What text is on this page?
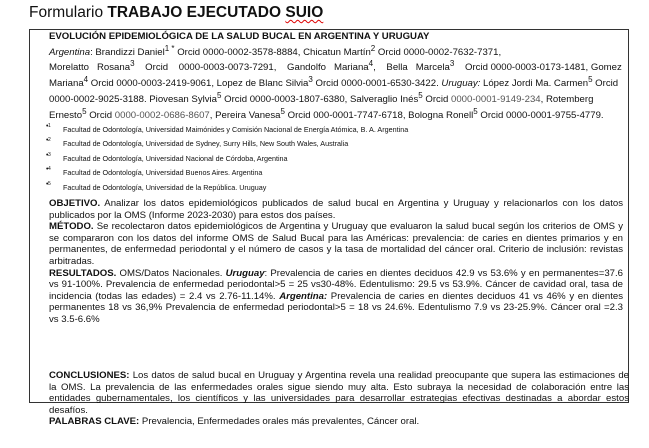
Formulario TRABAJO EJECUTADO SUIO

EVOLUCIÓN EPIDEMIOLÓGICA DE LA SALUD BUCAL EN ARGENTINA Y URUGUAY

Argentina: Brandizzi Daniel$^{1 *}$ Orcid 0000-0002-3578-8884, Chicatun Martín$^2$ Orcid 0000-0002-7632-7371, Morelatto   Rosana$^3$    Orcid    0000-0003-0073-7291,    Gandolfo   Mariana$^4$,    Bella   Marcela$^3$    Orcid 0000-0003-0173-1481, Gomez Mariana$^4$ Orcid 0000-0003-2419-9061, Lopez de Blanc Silvia$^3$ Orcid 0000-0001-6530-3422. Uruguay: López Jordi Ma. Carmen$^5$ Orcid 0000-0002-9025-3188. Piovesan Sylvia$^5$ Orcid 0000-0003-1807-6380, Salveraglio Inés$^5$ Orcid 0000-0001-9149-234, Rotemberg Ernesto$^5$ Orcid 0000-0002-0686-8607, Pereira Vanesa$^5$ Orcid 000-0001-7747-6718, Bologna Ronell$^5$ Orcid 0000-0001-9755-4779.

• 1 Facultad de Odontología, Universidad Maimónides y Comisión Nacional de Energía Atómica, B. A. Argentina
• 2 Facultad de Odontología, Universidad de Sydney, Surry Hills, New South Wales, Australia
• 3 Facultad de Odontología, Universidad Nacional de Córdoba, Argentina
• 4 Facultad de Odontología, Universidad Buenos Aires. Argentina
• 5 Facultad de Odontología, Universidad de la República. Uruguay

OBJETIVO. Analizar los datos epidemiológicos publicados de salud bucal en Argentina y Uruguay y relacionarlos con los datos publicados por la OMS (Informe 2023-2030) para estos dos países.

MÉTODO. Se recolectaron datos epidemiológicos de Argentina y Uruguay que evaluaron la salud bucal según los criterios de OMS y se compararon con los datos del informe OMS de Salud Bucal para las Américas: prevalencia: de caries en dientes primarios y en permanentes, de enfermedad periodontal y el número de casos y la tasa de mortalidad del cáncer oral. Criterio de inclusión: revistas arbitradas.

RESULTADOS. OMS/Datos Nacionales. Uruguay: Prevalencia de caries en dientes deciduos 42.9 vs 53.6% y en permanentes=37.6 vs 91-100%. Prevalencia de enfermedad periodontal>5 = 25 vs30-48%. Edentulismo: 29.5 vs 53.9%. Cáncer de cavidad oral, tasa de incidencia (todas las edades) = 2.4 vs 2.76-11.14%. Argentina: Prevalencia de caries en dientes deciduos 41 vs 46% y en dientes permanentes 18 vs 36,9% Prevalencia de enfermedad periodontal>5 = 18 vs 24.6%. Edentulismo 7.9 vs 23-25.9%. Cáncer oral =2.3 vs 3.5-6.6%

CONCLUSIONES: Los datos de salud bucal en Uruguay y Argentina revela una realidad preocupante que supera las estimaciones de la OMS. La prevalencia de las enfermedades orales sigue siendo muy alta. Esto subraya la necesidad de colaboración entre las entidades gubernamentales, los científicos y las universidades para desarrollar estrategias efectivas destinadas a abordar estos desafíos.

PALABRAS CLAVE: Prevalencia, Enfermedades orales más prevalentes, Cáncer oral.
